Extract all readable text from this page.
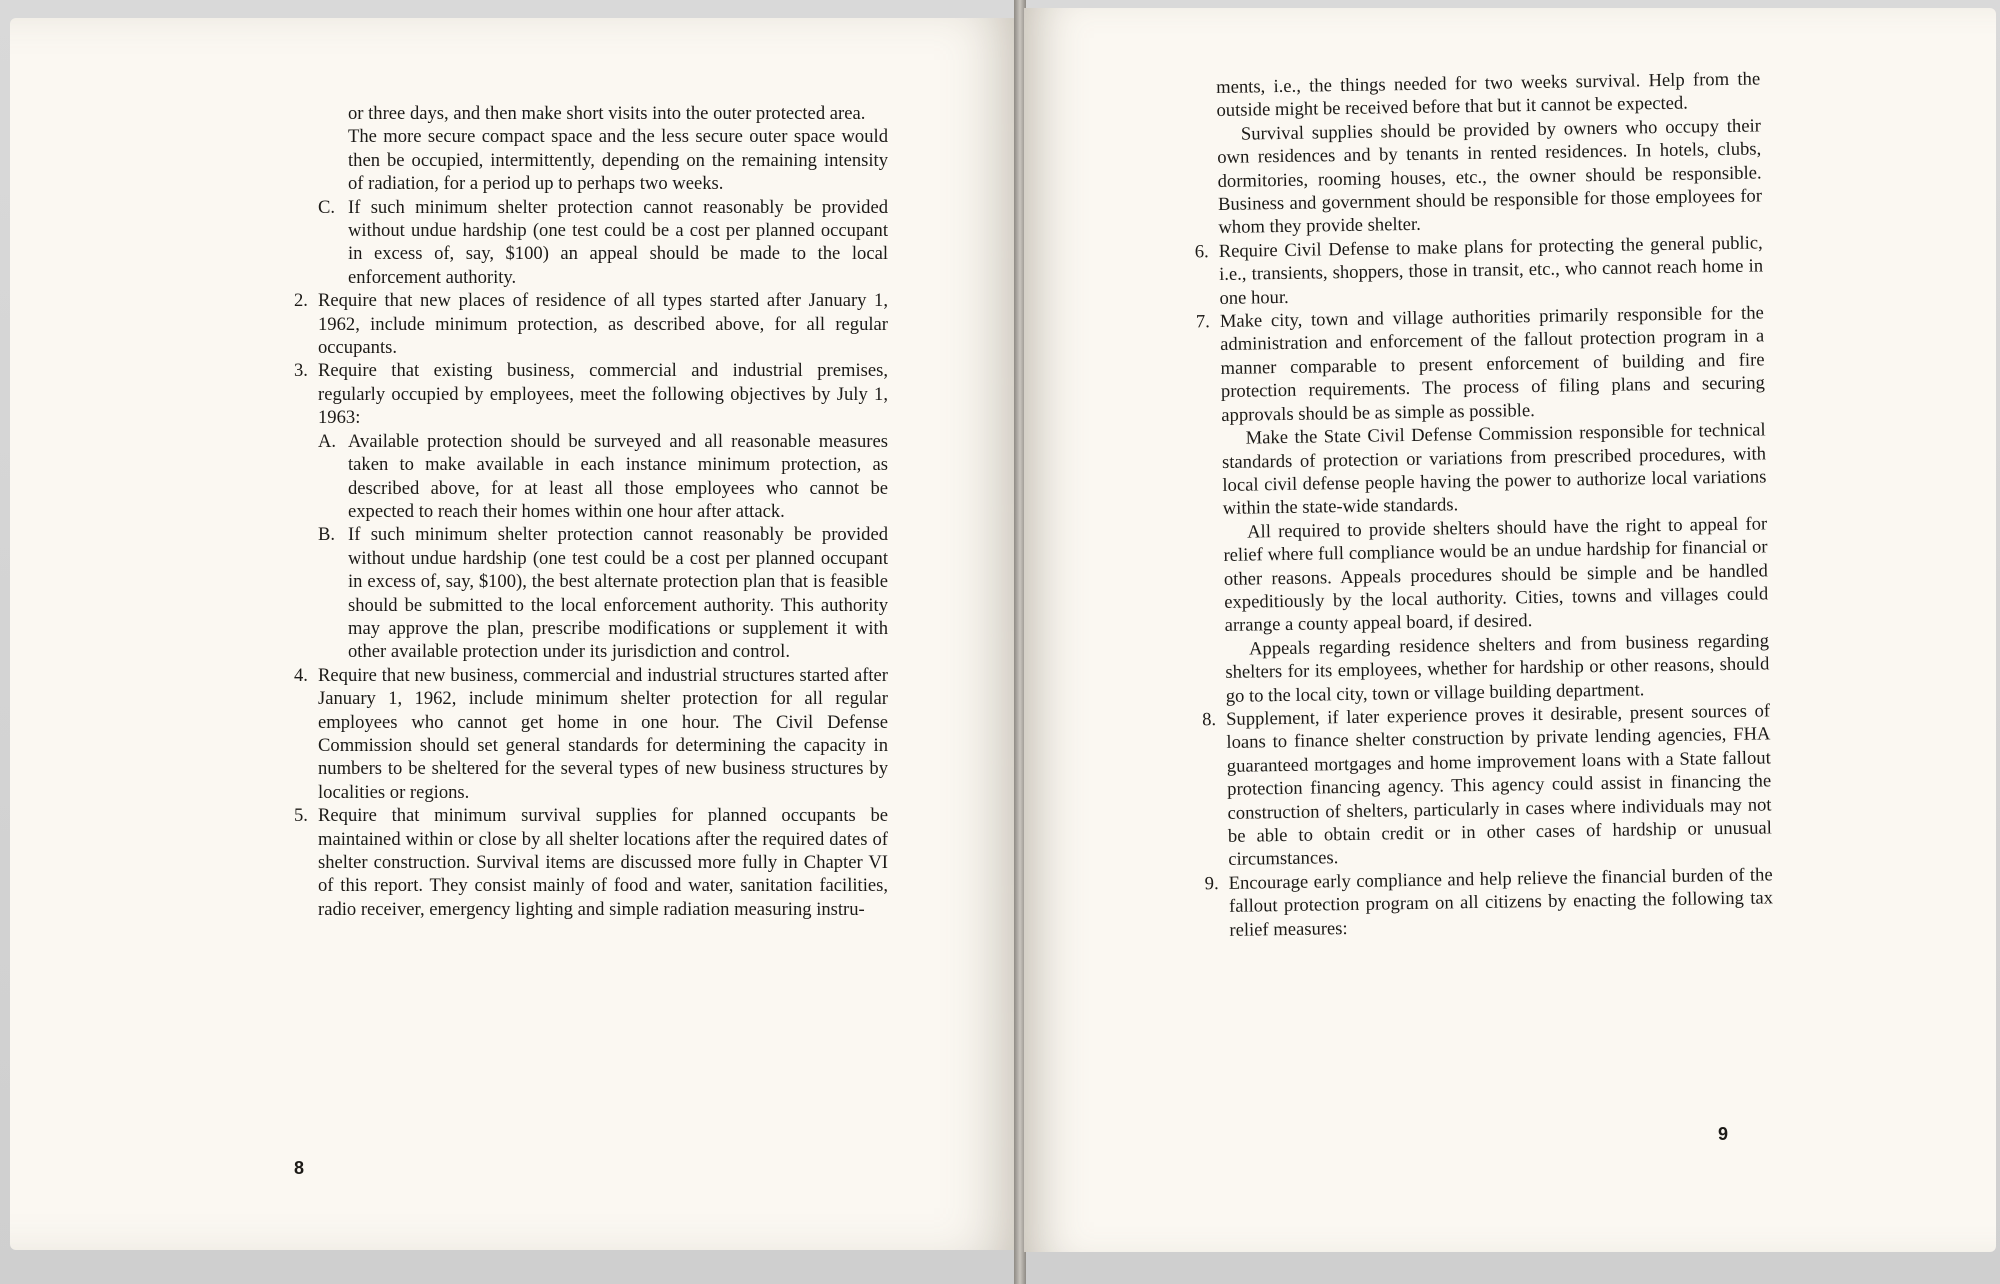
or three days, and then make short visits into the outer protected area.

The more secure compact space and the less secure outer space would then be occupied, intermittently, depending on the remaining intensity of radiation, for a period up to perhaps two weeks.

C. If such minimum shelter protection cannot reasonably be provided without undue hardship (one test could be a cost per planned occupant in excess of, say, $100) an appeal should be made to the local enforcement authority.
2. Require that new places of residence of all types started after January 1, 1962, include minimum protection, as described above, for all regular occupants.
3. Require that existing business, commercial and industrial premises, regularly occupied by employees, meet the following objectives by July 1, 1963:
A. Available protection should be surveyed and all reasonable measures taken to make available in each instance minimum protection, as described above, for at least all those employees who cannot be expected to reach their homes within one hour after attack.
B. If such minimum shelter protection cannot reasonably be provided without undue hardship (one test could be a cost per planned occupant in excess of, say, $100), the best alternate protection plan that is feasible should be submitted to the local enforcement authority. This authority may approve the plan, prescribe modifications or supplement it with other available protection under its jurisdiction and control.
4. Require that new business, commercial and industrial structures started after January 1, 1962, include minimum shelter protection for all regular employees who cannot get home in one hour. The Civil Defense Commission should set general standards for determining the capacity in numbers to be sheltered for the several types of new business structures by localities or regions.
5. Require that minimum survival supplies for planned occupants be maintained within or close by all shelter locations after the required dates of shelter construction. Survival items are discussed more fully in Chapter VI of this report. They consist mainly of food and water, sanitation facilities, radio receiver, emergency lighting and simple radiation measuring instru-
8

ments, i.e., the things needed for two weeks survival. Help from the outside might be received before that but it cannot be expected.

Survival supplies should be provided by owners who occupy their own residences and by tenants in rented residences. In hotels, clubs, dormitories, rooming houses, etc., the owner should be responsible. Business and government should be responsible for those employees for whom they provide shelter.

6. Require Civil Defense to make plans for protecting the general public, i.e., transients, shoppers, those in transit, etc., who cannot reach home in one hour.
7. Make city, town and village authorities primarily responsible for the administration and enforcement of the fallout protection program in a manner comparable to present enforcement of building and fire protection requirements. The process of filing plans and securing approvals should be as simple as possible.

Make the State Civil Defense Commission responsible for technical standards of protection or variations from prescribed procedures, with local civil defense people having the power to authorize local variations within the state-wide standards.

All required to provide shelters should have the right to appeal for relief where full compliance would be an undue hardship for financial or other reasons. Appeals procedures should be simple and be handled expeditiously by the local authority. Cities, towns and villages could arrange a county appeal board, if desired.

Appeals regarding residence shelters and from business regarding shelters for its employees, whether for hardship or other reasons, should go to the local city, town or village building department.

8. Supplement, if later experience proves it desirable, present sources of loans to finance shelter construction by private lending agencies, FHA guaranteed mortgages and home improvement loans with a State fallout protection financing agency. This agency could assist in financing the construction of shelters, particularly in cases where individuals may not be able to obtain credit or in other cases of hardship or unusual circumstances.
9. Encourage early compliance and help relieve the financial burden of the fallout protection program on all citizens by enacting the following tax relief measures:
9
